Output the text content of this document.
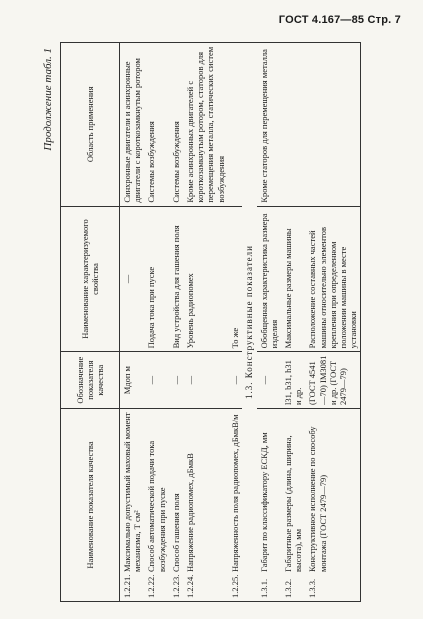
ГОСТ 4.167—85 Стр. 7
Продолжение табл. 1
Наименование показателя качества	Обозначение показателя качества	Наименование характеризуемого свойства	Область применения
1.2.21.Максимально допустимый маховый момент механизма, Т см²	Mдоп м	—	Синхронные двигатели и асинхронные двигатели с короткозамкнутым ротором
1.2.22.Способ автоматической подачи тока возбуждения при пуске	—	Подача тока при пуске	Системы возбуждения
1.2.23.Способ гашения поля	—	Вид устройства для гашения поля	Системы возбуждения
1.2.24.Напряжение радиопомех, дБмкВ	—	Уровень радиопомех	Кроме асинхронных двигателей с короткозамкнутым ротором, статоров для перемещения металла, статических систем возбуждения
1.2.25.Напряженность поля радиопомех, дБмкВ/м	—	То же	
1.3. Конструктивные показатели			
1.3.1.Габарит по классификатору ЕСКД, мм	—	Обобщенная характеристика размера изделия	Кроме статоров для перемещения металла
1.3.2.Габаритные размеры (длина, ширина, высота), мм	l31, b31, h31 и др.	Максимальные размеры машины	
1.3.3.Конструктивное исполнение по способу монтажа (ГОСТ 2479—79)	(ГОСТ 4541—70) IM3081 и др. (ГОСТ 2479—79)	Расположение составных частей машины относительно элементов крепления при определенном положении машины в месте установки	
